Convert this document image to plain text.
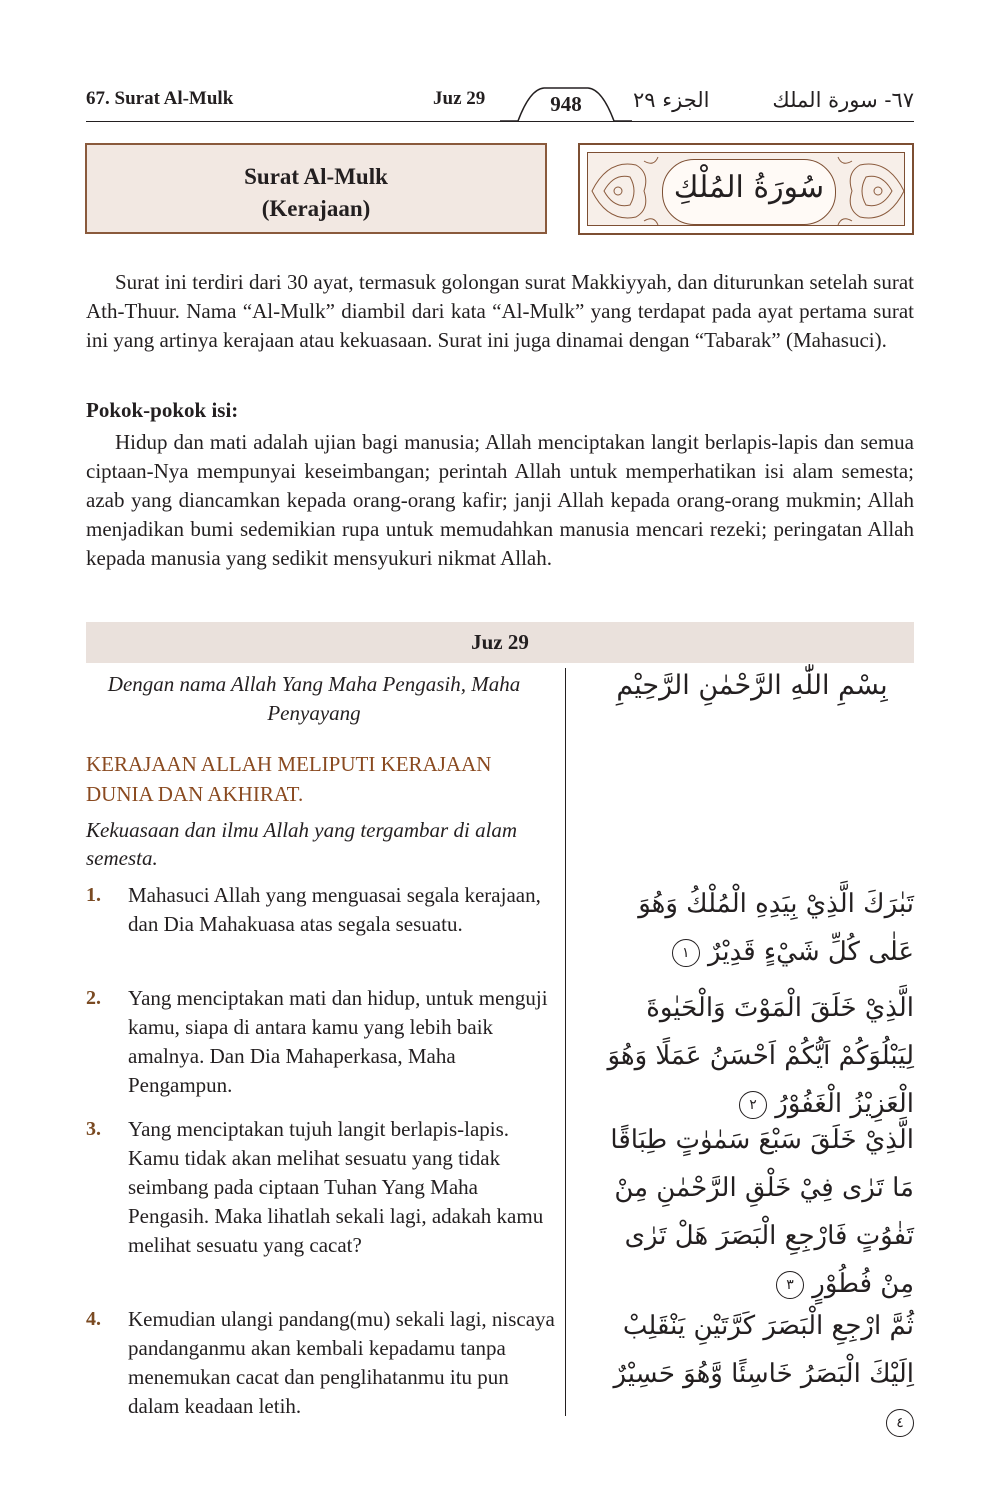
67. Surat Al-Mulk	Juz 29	948	الجزء ٢٩	٦٧- سورة الملك
Surat Al-Mulk
(Kerajaan)
سُورَةُ المُلْكِ
Surat ini terdiri dari 30 ayat, termasuk golongan surat Makkiyyah, dan diturunkan setelah surat Ath-Thuur. Nama “Al-Mulk” diambil dari kata “Al-Mulk” yang terdapat pada ayat pertama surat ini yang artinya kerajaan atau kekuasaan. Surat ini juga dinamai dengan “Tabarak” (Mahasuci).
Pokok-pokok isi:
Hidup dan mati adalah ujian bagi manusia; Allah menciptakan langit berlapis-lapis dan semua ciptaan-Nya mempunyai keseimbangan; perintah Allah untuk memperhatikan isi alam semesta; azab yang diancamkan kepada orang-orang kafir; janji Allah kepada orang-orang mukmin; Allah menjadikan bumi sedemikian rupa untuk memudahkan manusia mencari rezeki; peringatan Allah kepada manusia yang sedikit mensyukuri nikmat Allah.
Juz 29
Dengan nama Allah Yang Maha Pengasih, Maha Penyayang
بِسْمِ اللّٰهِ الرَّحْمٰنِ الرَّحِيْمِ
KERAJAAN ALLAH MELIPUTI KERAJAAN DUNIA DAN AKHIRAT.
Kekuasaan dan ilmu Allah yang tergambar di alam semesta.
1. Mahasuci Allah yang menguasai segala kerajaan, dan Dia Mahakuasa atas segala sesuatu.
تَبٰرَكَ الَّذِيْ بِيَدِهِ الْمُلْكُ وَهُوَ عَلٰى كُلِّ شَيْءٍ قَدِيْرٌ ١
2. Yang menciptakan mati dan hidup, untuk menguji kamu, siapa di antara kamu yang lebih baik amalnya. Dan Dia Mahaperkasa, Maha Pengampun.
الَّذِيْ خَلَقَ الْمَوْتَ وَالْحَيٰوةَ لِيَبْلُوَكُمْ اَيُّكُمْ اَحْسَنُ عَمَلًا وَهُوَ الْعَزِيْزُ الْغَفُوْرُ ٢
3. Yang menciptakan tujuh langit berlapis-lapis. Kamu tidak akan melihat sesuatu yang tidak seimbang pada ciptaan Tuhan Yang Maha Pengasih. Maka lihatlah sekali lagi, adakah kamu melihat sesuatu yang cacat?
الَّذِيْ خَلَقَ سَبْعَ سَمٰوٰتٍ طِبَاقًا مَا تَرٰى فِيْ خَلْقِ الرَّحْمٰنِ مِنْ تَفٰوُتٍ فَارْجِعِ الْبَصَرَ هَلْ تَرٰى مِنْ فُطُوْرٍ ٣
4. Kemudian ulangi pandang(mu) sekali lagi, niscaya pandanganmu akan kembali kepadamu tanpa menemukan cacat dan penglihatanmu itu pun dalam keadaan letih.
ثُمَّ ارْجِعِ الْبَصَرَ كَرَّتَيْنِ يَنْقَلِبْ اِلَيْكَ الْبَصَرُ خَاسِئًا وَّهُوَ حَسِيْرٌ ٤
